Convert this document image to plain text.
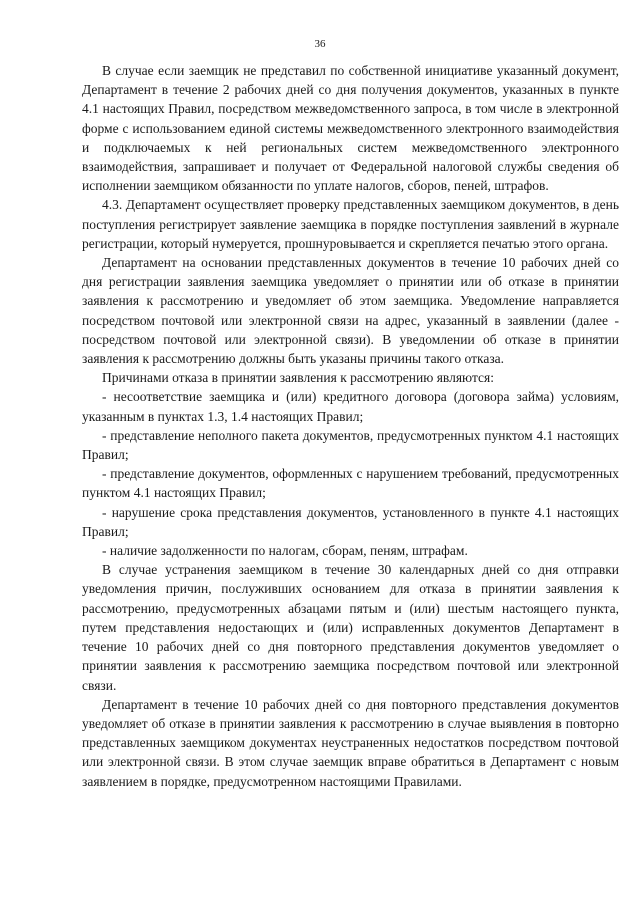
36

В случае если заемщик не представил по собственной инициативе указанный документ, Департамент в течение 2 рабочих дней со дня получения документов, указанных в пункте 4.1 настоящих Правил, посредством межведомственного запроса, в том числе в электронной форме с использованием единой системы межведомственного электронного взаимодействия и подключаемых к ней региональных систем межведомственного электронного взаимодействия, запрашивает и получает от Федеральной налоговой службы сведения об исполнении заемщиком обязанности по уплате налогов, сборов, пеней, штрафов.

4.3. Департамент осуществляет проверку представленных заемщиком документов, в день поступления регистрирует заявление заемщика в порядке поступления заявлений в журнале регистрации, который нумеруется, прошнуровывается и скрепляется печатью этого органа.

Департамент на основании представленных документов в течение 10 рабочих дней со дня регистрации заявления заемщика уведомляет о принятии или об отказе в принятии заявления к рассмотрению и уведомляет об этом заемщика. Уведомление направляется посредством почтовой или электронной связи на адрес, указанный в заявлении (далее - посредством почтовой или электронной связи). В уведомлении об отказе в принятии заявления к рассмотрению должны быть указаны причины такого отказа.

Причинами отказа в принятии заявления к рассмотрению являются:

- несоответствие заемщика и (или) кредитного договора (договора займа) условиям, указанным в пунктах 1.3, 1.4 настоящих Правил;

- представление неполного пакета документов, предусмотренных пунктом 4.1 настоящих Правил;

- представление документов, оформленных с нарушением требований, предусмотренных пунктом 4.1 настоящих Правил;

- нарушение срока представления документов, установленного в пункте 4.1 настоящих Правил;

- наличие задолженности по налогам, сборам, пеням, штрафам.

В случае устранения заемщиком в течение 30 календарных дней со дня отправки уведомления причин, послуживших основанием для отказа в принятии заявления к рассмотрению, предусмотренных абзацами пятым и (или) шестым настоящего пункта, путем представления недостающих и (или) исправленных документов Департамент в течение 10 рабочих дней со дня повторного представления документов уведомляет о принятии заявления к рассмотрению заемщика посредством почтовой или электронной связи.

Департамент в течение 10 рабочих дней со дня повторного представления документов уведомляет об отказе в принятии заявления к рассмотрению в случае выявления в повторно представленных заемщиком документах неустраненных недостатков посредством почтовой или электронной связи. В этом случае заемщик вправе обратиться в Департамент с новым заявлением в порядке, предусмотренном настоящими Правилами.
